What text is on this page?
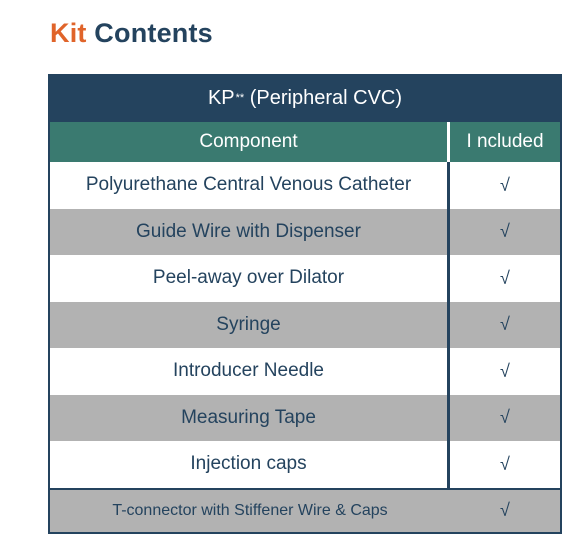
Kit Contents
KP **
(Peripheral CVC)
Component	I ncluded
Polyurethane Central Venous Catheter	√
Guide Wire with Dispenser	√
Peel-away over Dilator	√
Syringe	√
Introducer Needle	√
Measuring Tape	√
Injection caps	√
T-connector with Stiffener Wire & Caps	√
